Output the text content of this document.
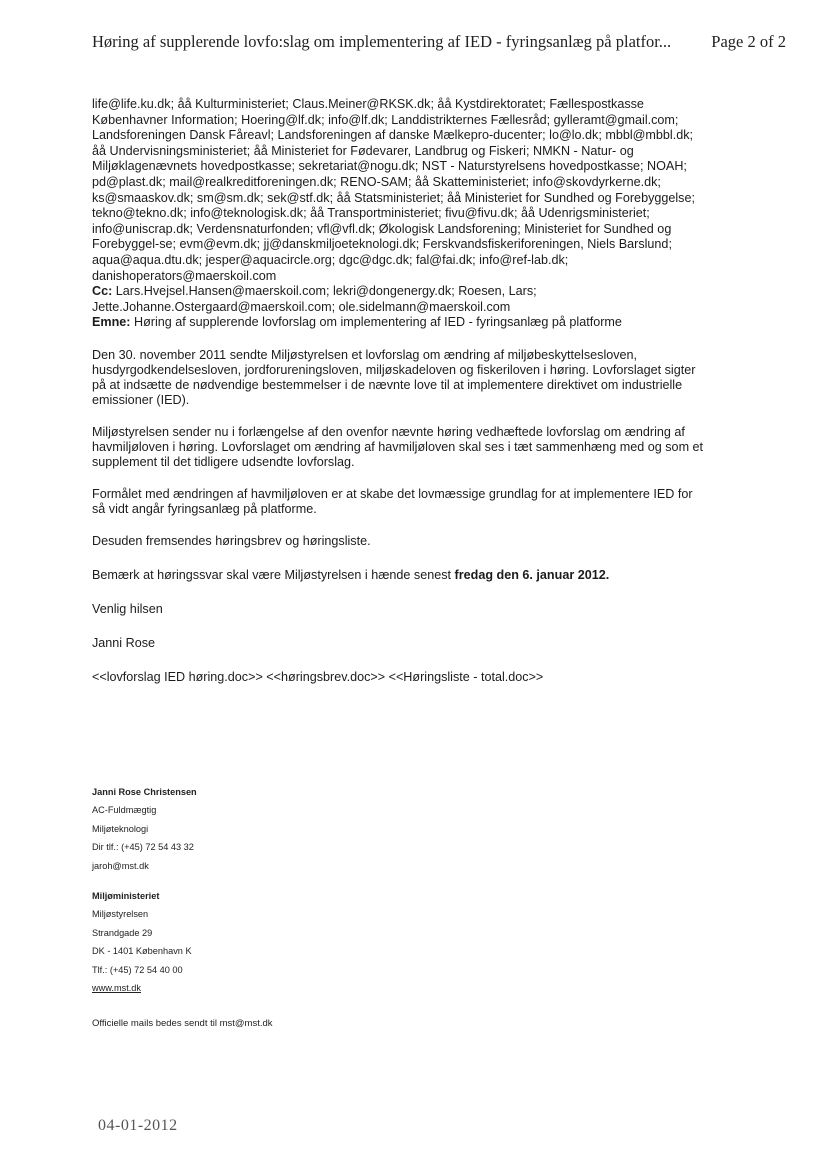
Høring af supplerende lovfo:slag om implementering af IED - fyringsanlæg på platfor... Page 2 of 2
life@life.ku.dk; åå Kulturministeriet; Claus.Meiner@RKSK.dk; åå Kystdirektoratet; Fællespostkasse
Københavner Information; Hoering@lf.dk; info@lf.dk; Landdistrikternes Fællesråd; gylleramt@gmail.com;
Landsforeningen Dansk Fåreavl; Landsforeningen af danske Mælkepro-ducenter; lo@lo.dk; mbbl@mbbl.dk;
åå Undervisningsministeriet; åå Ministeriet for Fødevarer, Landbrug og Fiskeri; NMKN - Natur- og
Miljøklagenævnets hovedpostkasse; sekretariat@nogu.dk; NST - Naturstyrelsens hovedpostkasse; NOAH;
pd@plast.dk; mail@realkreditforeningen.dk; RENO-SAM; åå Skatteministeriet; info@skovdyrkerne.dk;
ks@smaaskov.dk; sm@sm.dk; sek@stf.dk; åå Statsministeriet; åå Ministeriet for Sundhed og Forebyggelse;
tekno@tekno.dk; info@teknologisk.dk; åå Transportministeriet; fivu@fivu.dk; åå Udenrigsministeriet;
info@uniscrap.dk; Verdensnaturfonden; vfl@vfl.dk; Økologisk Landsforening; Ministeriet for Sundhed og
Forebyggel-se; evm@evm.dk; jj@danskmiljoeteknologi.dk; Ferskvandsfiskeriforeningen, Niels Barslund;
aqua@aqua.dtu.dk; jesper@aquacircle.org; dgc@dgc.dk; fal@fai.dk; info@ref-lab.dk;
danishoperators@maerskoil.com
Cc: Lars.Hvejsel.Hansen@maerskoil.com; lekri@dongenergy.dk; Roesen, Lars;
Jette.Johanne.Ostergaard@maerskoil.com; ole.sidelmann@maerskoil.com
Emne: Høring af supplerende lovforslag om implementering af IED - fyringsanlæg på platforme

Den 30. november 2011 sendte Miljøstyrelsen et lovforslag om ændring af miljøbeskyttelsesloven,
husdyrgodkendelsesloven, jordforureningsloven, miljøskadeloven og fiskeriloven i høring. Lovforslaget sigter
på at indsætte de nødvendige bestemmelser i de nævnte love til at implementere direktivet om industrielle
emissioner (IED).

Miljøstyrelsen sender nu i forlængelse af den ovenfor nævnte høring vedhæftede lovforslag om ændring af
havmiljøloven i høring. Lovforslaget om ændring af havmiljøloven skal ses i tæt sammenhæng med og som et
supplement til det tidligere udsendte lovforslag.

Formålet med ændringen af havmiljøloven er at skabe det lovmæssige grundlag for at implementere IED for
så vidt angår fyringsanlæg på platforme.

Desuden fremsendes høringsbrev og høringsliste.

Bemærk at høringssvar skal være Miljøstyrelsen i hænde senest fredag den 6. januar 2012.

Venlig hilsen

Janni Rose

<<lovforslag IED høring.doc>> <<høringsbrev.doc>> <<Høringsliste - total.doc>>

Janni Rose Christensen
AC-Fuldmægtig
Miljøteknologi
Dir tlf.: (+45) 72 54 43 32
jaroh@mst.dk
Miljøministeriet
Miljøstyrelsen
Strandgade 29
DK - 1401 København K
Tlf.: (+45) 72 54 40 00
www.mst.dk
Officielle mails bedes sendt til mst@mst.dk
04-01-2012
